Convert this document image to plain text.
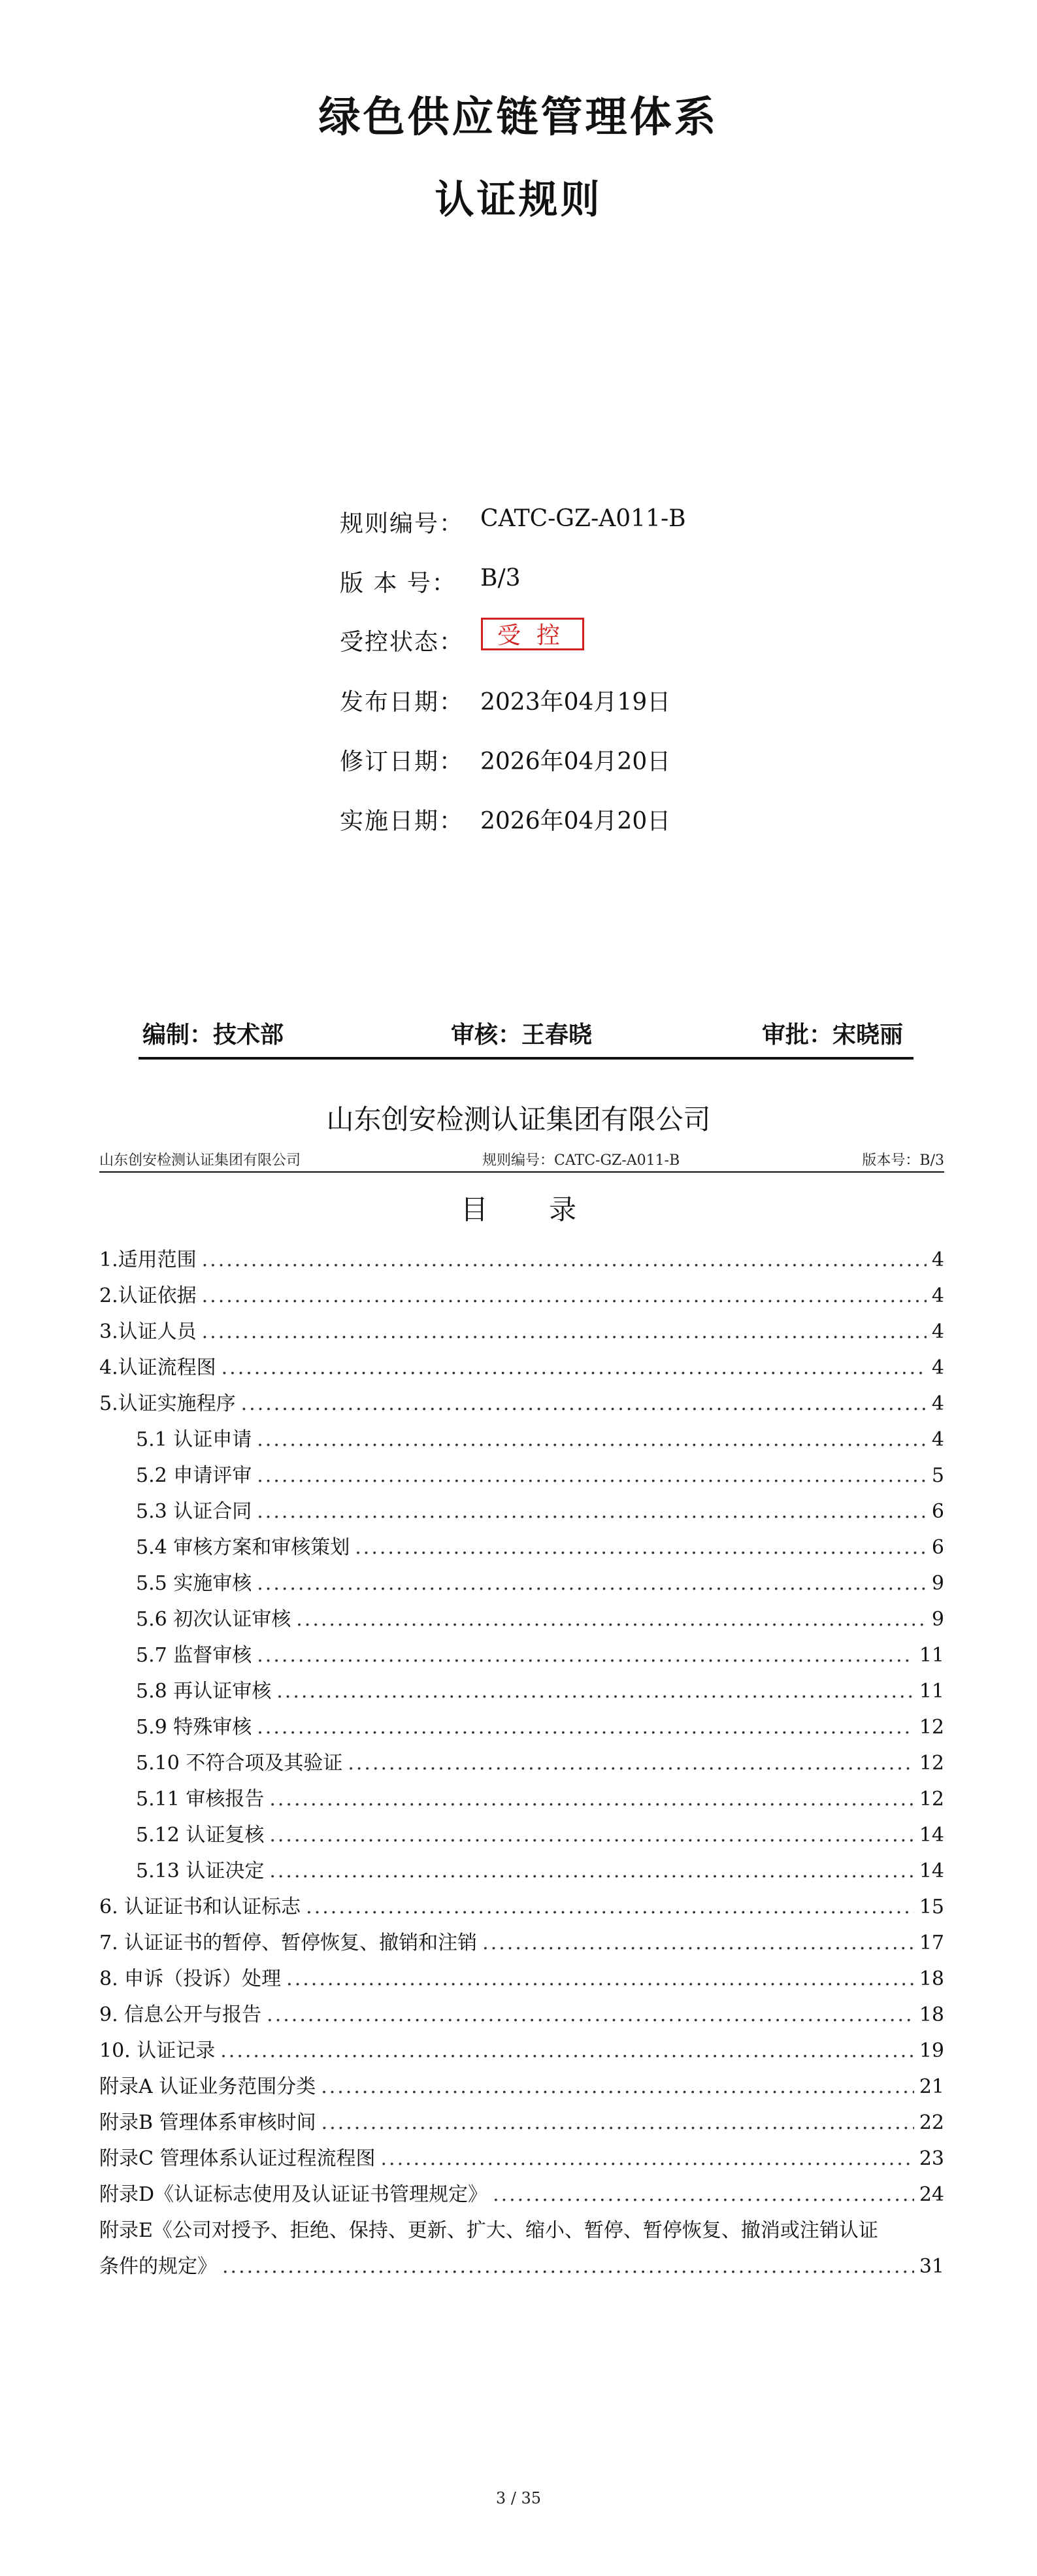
绿色供应链管理体系
认证规则
规则编号： CATC-GZ-A011-B
版 本 号： B/3
受控状态：	受控
发布日期： 2023年04月19日
修订日期： 2026年04月20日
实施日期： 2026年04月20日
编制：技术部	审核：王春晓	审批：宋晓丽
山东创安检测认证集团有限公司
山东创安检测认证集团有限公司	规则编号：CATC-GZ-A011-B	版本号：B/3
目 录
1.适用范围 .....	4
2.认证依据 .....	4
3.认证人员 .....	4
4.认证流程图 .....	4
5.认证实施程序 .....	4
5.1 认证申请 .....	4
5.2 申请评审 .....	5
5.3 认证合同 .....	6
5.4 审核方案和审核策划 .....	6
5.5 实施审核 .....	9
5.6 初次认证审核 .....	9
5.7 监督审核 .....	11
5.8 再认证审核 .....	11
5.9 特殊审核 .....	12
5.10 不符合项及其验证 .....	12
5.11 审核报告 .....	12
5.12 认证复核 .....	14
5.13 认证决定 .....	14
6. 认证证书和认证标志 .....	15
7. 认证证书的暂停、暂停恢复、撤销和注销 .....	17
8. 申诉（投诉）处理 .....	18
9. 信息公开与报告 .....	18
10. 认证记录 .....	19
附录A 认证业务范围分类 .....	21
附录B 管理体系审核时间 .....	22
附录C 管理体系认证过程流程图 .....	23
附录D《认证标志使用及认证证书管理规定》 .....	24
附录E《公司对授予、拒绝、保持、更新、扩大、缩小、暂停、暂停恢复、撤消或注销认证
条件的规定》 .....	31
3 / 35
